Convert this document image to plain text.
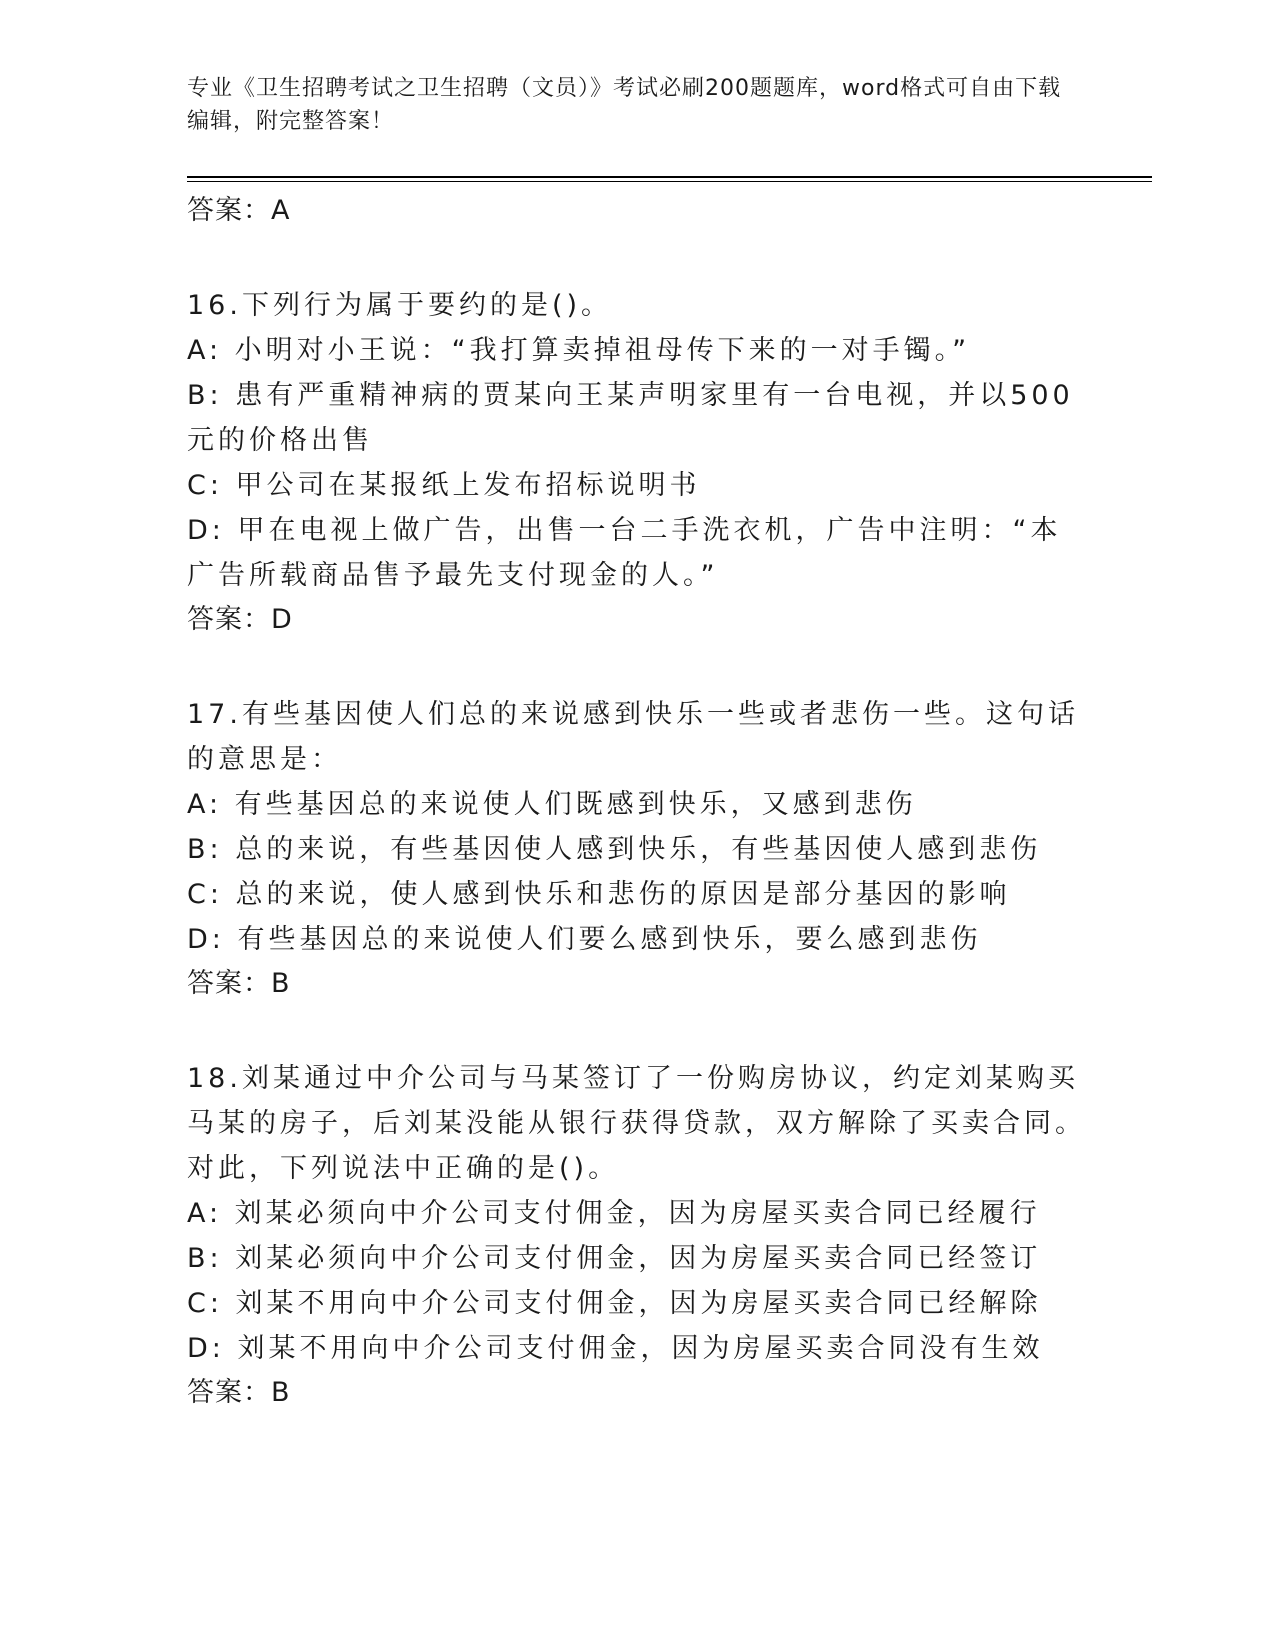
专业《卫生招聘考试之卫生招聘（文员）》考试必刷200题题库，word格式可自由下载编辑，附完整答案！

答案：A

16.下列行为属于要约的是()。

A: 小明对小王说：“我打算卖掉祖母传下来的一对手镯。”

B: 患有严重精神病的贾某向王某声明家里有一台电视，并以500元的价格出售

C: 甲公司在某报纸上发布招标说明书

D: 甲在电视上做广告，出售一台二手洗衣机，广告中注明：“本广告所载商品售予最先支付现金的人。”

答案：D

17.有些基因使人们总的来说感到快乐一些或者悲伤一些。这句话的意思是：

A: 有些基因总的来说使人们既感到快乐，又感到悲伤

B: 总的来说，有些基因使人感到快乐，有些基因使人感到悲伤

C: 总的来说，使人感到快乐和悲伤的原因是部分基因的影响

D: 有些基因总的来说使人们要么感到快乐，要么感到悲伤

答案：B

18.刘某通过中介公司与马某签订了一份购房协议，约定刘某购买马某的房子，后刘某没能从银行获得贷款，双方解除了买卖合同。对此，下列说法中正确的是()。

A: 刘某必须向中介公司支付佣金，因为房屋买卖合同已经履行

B: 刘某必须向中介公司支付佣金，因为房屋买卖合同已经签订

C: 刘某不用向中介公司支付佣金，因为房屋买卖合同已经解除

D: 刘某不用向中介公司支付佣金，因为房屋买卖合同没有生效

答案：B
